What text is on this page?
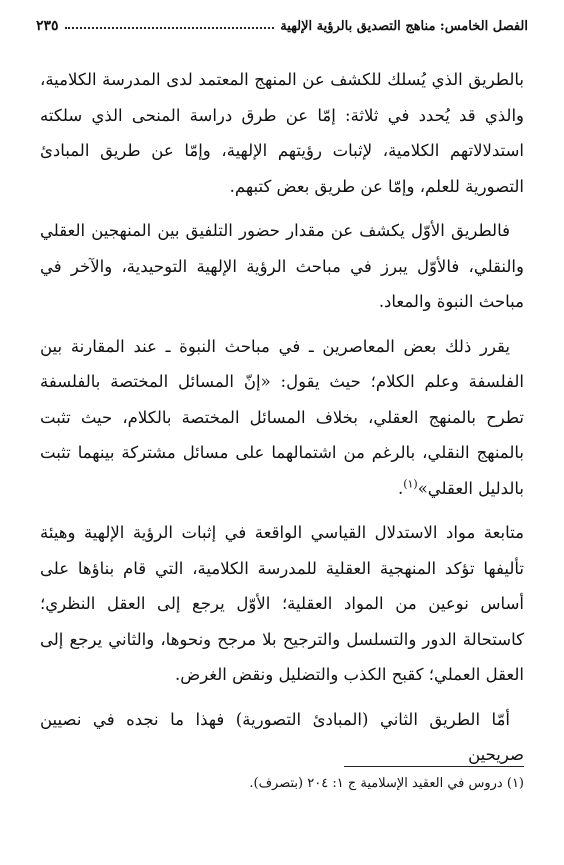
الفصل الخامس: مناهج التصديق بالرؤية الإلهية
٢٣٥

بالطريق الذي يُسلك للكشف عن المنهج المعتمد لدى المدرسة الكلامية، والذي قد يُحدد في ثلاثة: إمّا عن طرق دراسة المنحى الذي سلكته استدلالاتهم الكلامية، لإثبات رؤيتهم الإلهية، وإمّا عن طريق المبادئ التصورية للعلم، وإمّا عن طريق بعض كتبهم.

فالطريق الأوّل يكشف عن مقدار حضور التلفيق بين المنهجين العقلي والنقلي، فالأوّل يبرز في مباحث الرؤية الإلهية التوحيدية، والآخر في مباحث النبوة والمعاد.

يقرر ذلك بعض المعاصرين ـ في مباحث النبوة ـ عند المقارنة بين الفلسفة وعلم الكلام؛ حيث يقول: «إنّ المسائل المختصة بالفلسفة تطرح بالمنهج العقلي، بخلاف المسائل المختصة بالكلام، حيث تثبت بالمنهج النقلي، بالرغم من اشتمالهما على مسائل مشتركة بينهما تثبت بالدليل العقلي»$^{(١)}$.

متابعة مواد الاستدلال القياسي الواقعة في إثبات الرؤية الإلهية وهيئة تأليفها تؤكد المنهجية العقلية للمدرسة الكلامية، التي قام بناؤها على أساس نوعين من المواد العقلية؛ الأوّل يرجع إلى العقل النظري؛ كاستحالة الدور والتسلسل والترجيح بلا مرجح ونحوها، والثاني يرجع إلى العقل العملي؛ كقبح الكذب والتضليل ونقض الغرض.

أمّا الطريق الثاني (المبادئ التصورية) فهذا ما نجده في نصيين صريحين

(١) دروس في العقيد الإسلامية ج ١: ٢٠٤ (بتصرف).
